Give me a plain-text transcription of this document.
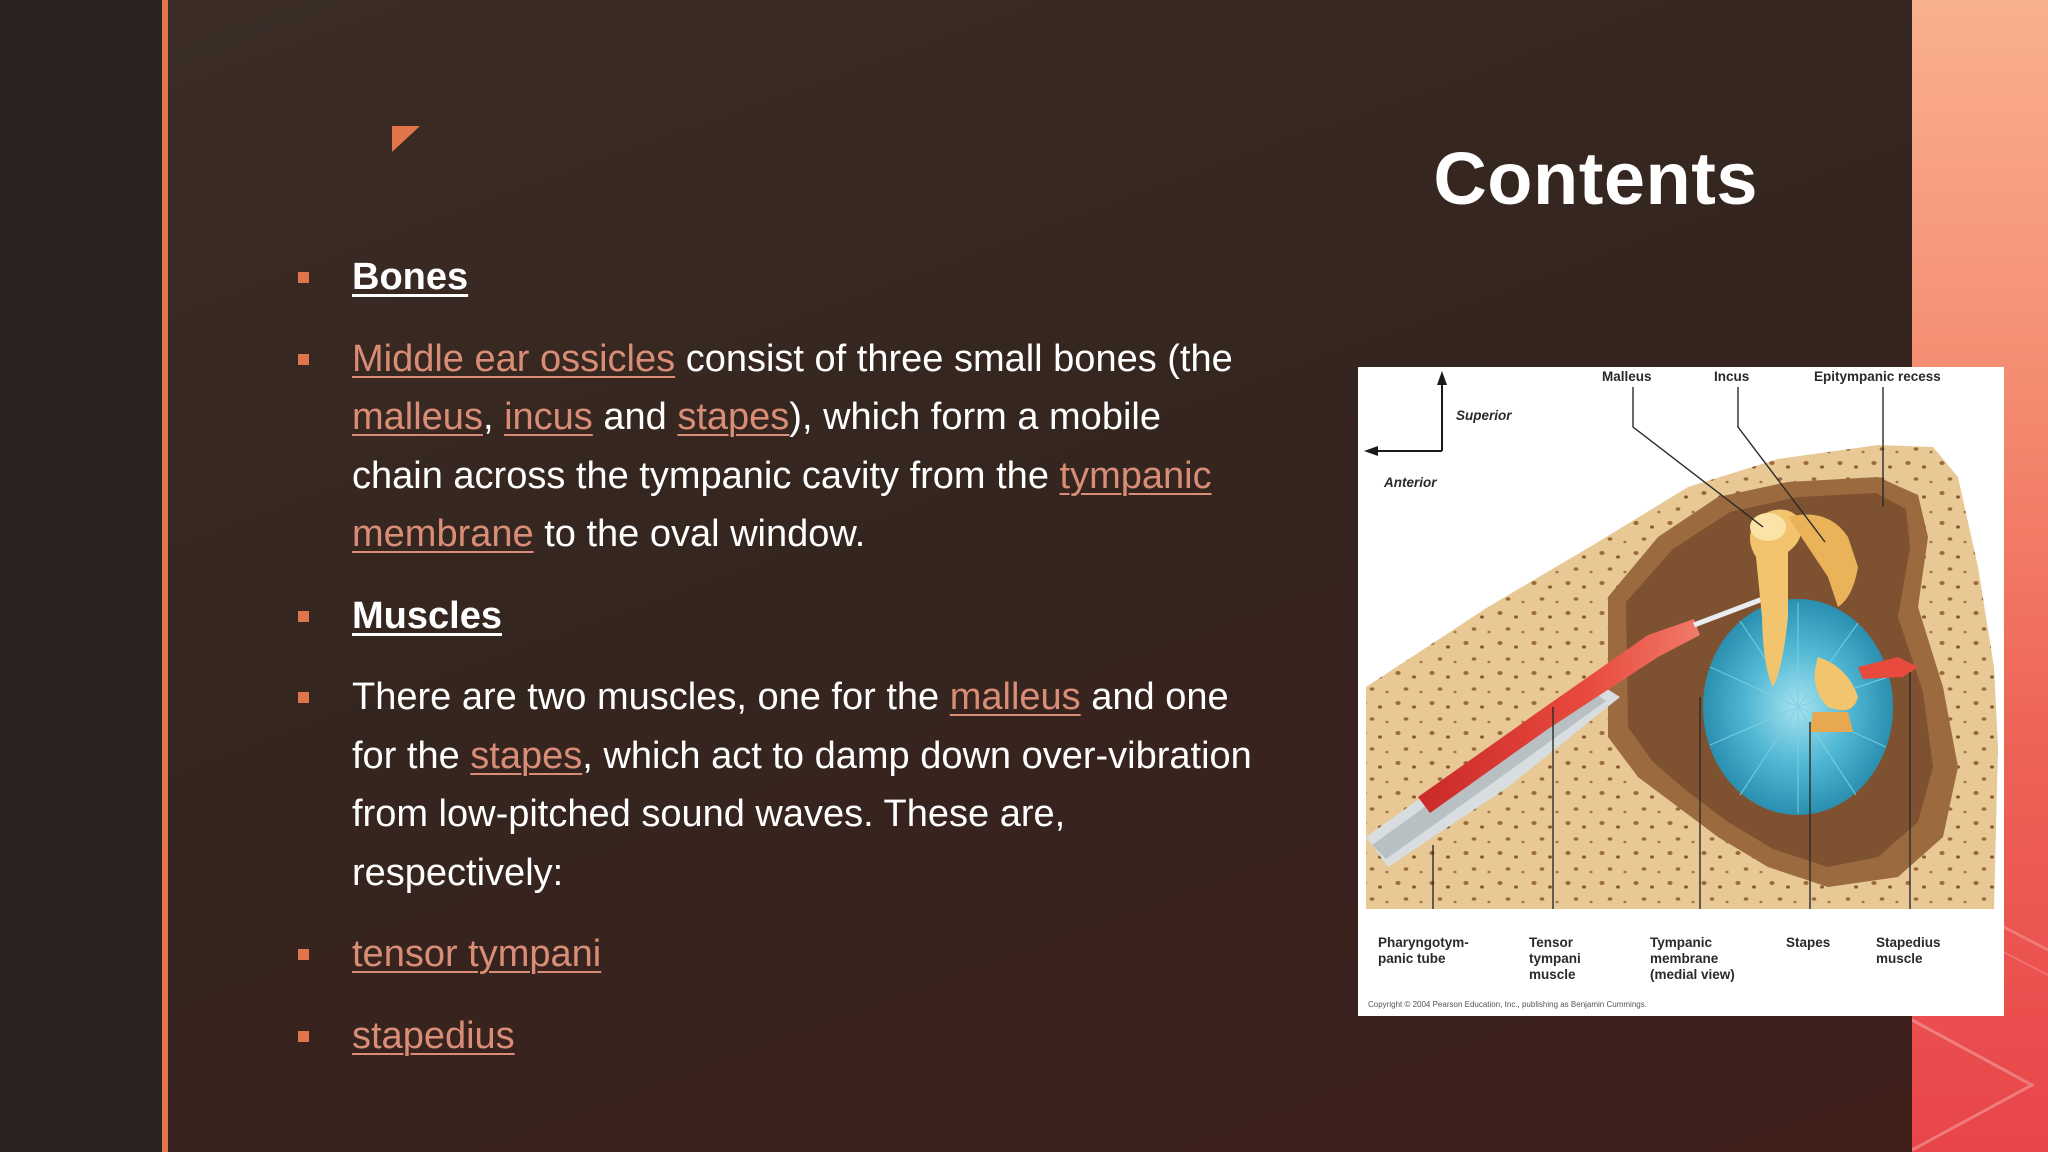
Contents
Bones
Middle ear ossicles consist of three small bones (the malleus, incus and stapes), which form a mobile chain across the tympanic cavity from the tympanic membrane to the oval window.
Muscles
There are two muscles, one for the malleus and one for the stapes, which act to damp down over-vibration from low-pitched sound waves. These are, respectively:
tensor tympani
stapedius
Superior
Anterior
Malleus	Incus	Epitympanic recess
Pharyngotym-
panic tube
Tensor
tympani
muscle
Tympanic
membrane
(medial view)
Stapes	Stapedius
muscle
Copyright © 2004 Pearson Education, Inc., publishing as Benjamin Cummings.
